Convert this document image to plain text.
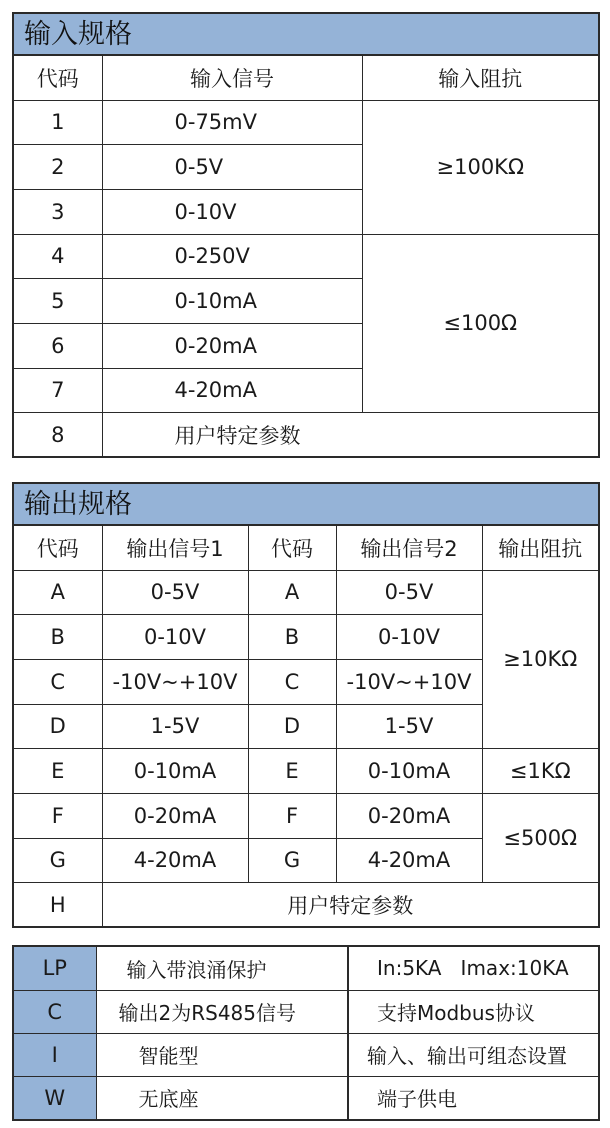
输入规格
代码	输入信号	输入阻抗
1	0-75mV	≥100KΩ
2	0-5V	
3	0-10V	
4	0-250V	≤100Ω
5	0-10mA	
6	0-20mA	
7	4-20mA	
8	用户特定参数	
输出规格
代码	输出信号1	代码	输出信号2	输出阻抗
A	0-5V	A	0-5V	≥10KΩ
B	0-10V	B	0-10V	
C	-10V~+10V	C	-10V~+10V	
D	1-5V	D	1-5V	
E	0-10mA	E	0-10mA	≤1KΩ
F	0-20mA	F	0-20mA	≤500Ω
G	4-20mA	G	4-20mA	
H	用户特定参数			
LP	输入带浪涌保护	In:5KA   Imax:10KA
C	输出2为RS485信号	支持Modbus协议
I	智能型	输入、输出可组态设置
W	无底座	端子供电
